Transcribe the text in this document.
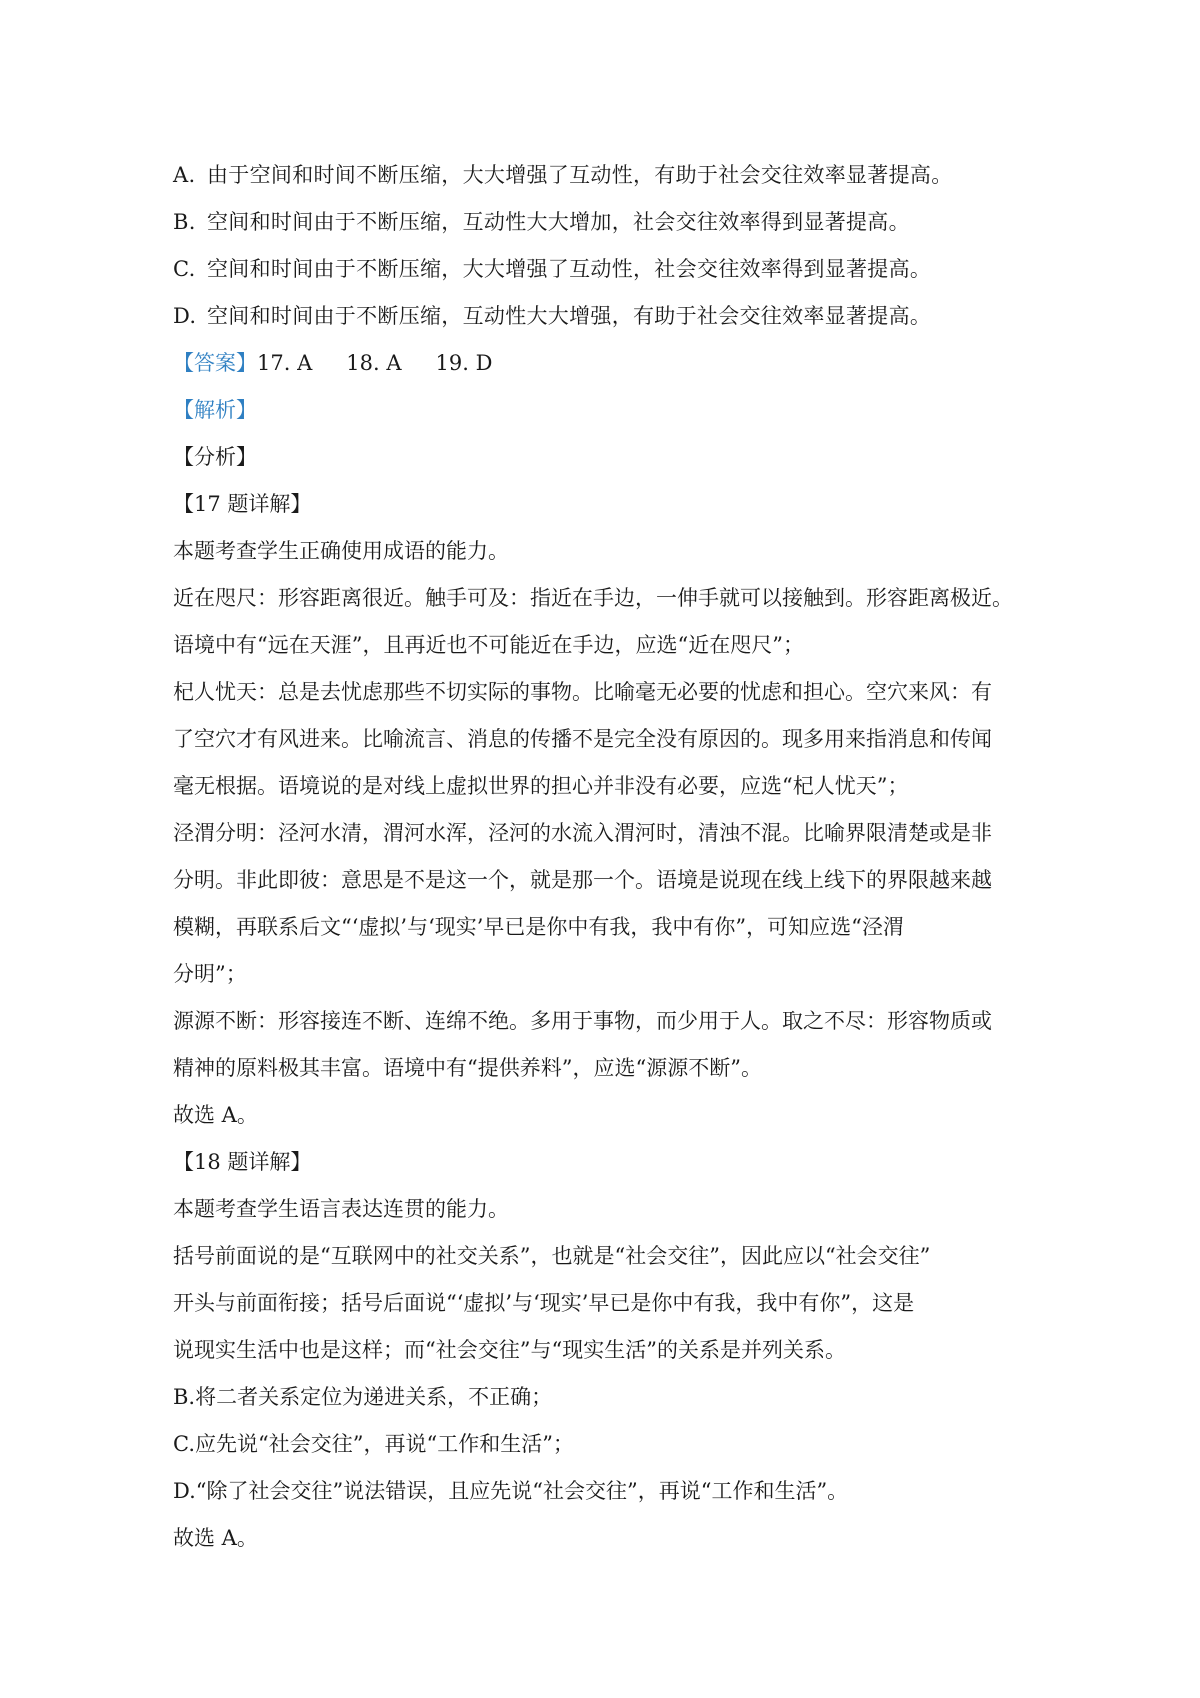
A. 由于空间和时间不断压缩，大大增强了互动性，有助于社会交往效率显著提高。

B. 空间和时间由于不断压缩，互动性大大增加，社会交往效率得到显著提高。

C. 空间和时间由于不断压缩，大大增强了互动性，社会交往效率得到显著提高。

D. 空间和时间由于不断压缩，互动性大大增强，有助于社会交往效率显著提高。

【答案】17. A 18. A 19. D

【解析】

【分析】

【17 题详解】

本题考查学生正确使用成语的能力。

近在咫尺：形容距离很近。触手可及：指近在手边，一伸手就可以接触到。形容距离极近。

语境中有“远在天涯”，且再近也不可能近在手边，应选“近在咫尺”；

杞人忧天：总是去忧虑那些不切实际的事物。比喻毫无必要的忧虑和担心。空穴来风：有

了空穴才有风进来。比喻流言、消息的传播不是完全没有原因的。现多用来指消息和传闻

毫无根据。语境说的是对线上虚拟世界的担心并非没有必要，应选“杞人忧天”；

泾渭分明：泾河水清，渭河水浑，泾河的水流入渭河时，清浊不混。比喻界限清楚或是非

分明。非此即彼：意思是不是这一个，就是那一个。语境是说现在线上线下的界限越来越

模糊，再联系后文“‘虚拟’与‘现实’早已是你中有我，我中有你”，可知应选“泾渭

分明”；

源源不断：形容接连不断、连绵不绝。多用于事物，而少用于人。取之不尽：形容物质或

精神的原料极其丰富。语境中有“提供养料”，应选“源源不断”。

故选 A。

【18 题详解】

本题考查学生语言表达连贯的能力。

括号前面说的是“互联网中的社交关系”，也就是“社会交往”，因此应以“社会交往”

开头与前面衔接；括号后面说“‘虚拟’与‘现实’早已是你中有我，我中有你”，这是

说现实生活中也是这样；而“社会交往”与“现实生活”的关系是并列关系。

B.将二者关系定位为递进关系，不正确；

C.应先说“社会交往”，再说“工作和生活”；

D.“除了社会交往”说法错误，且应先说“社会交往”，再说“工作和生活”。

故选 A。
